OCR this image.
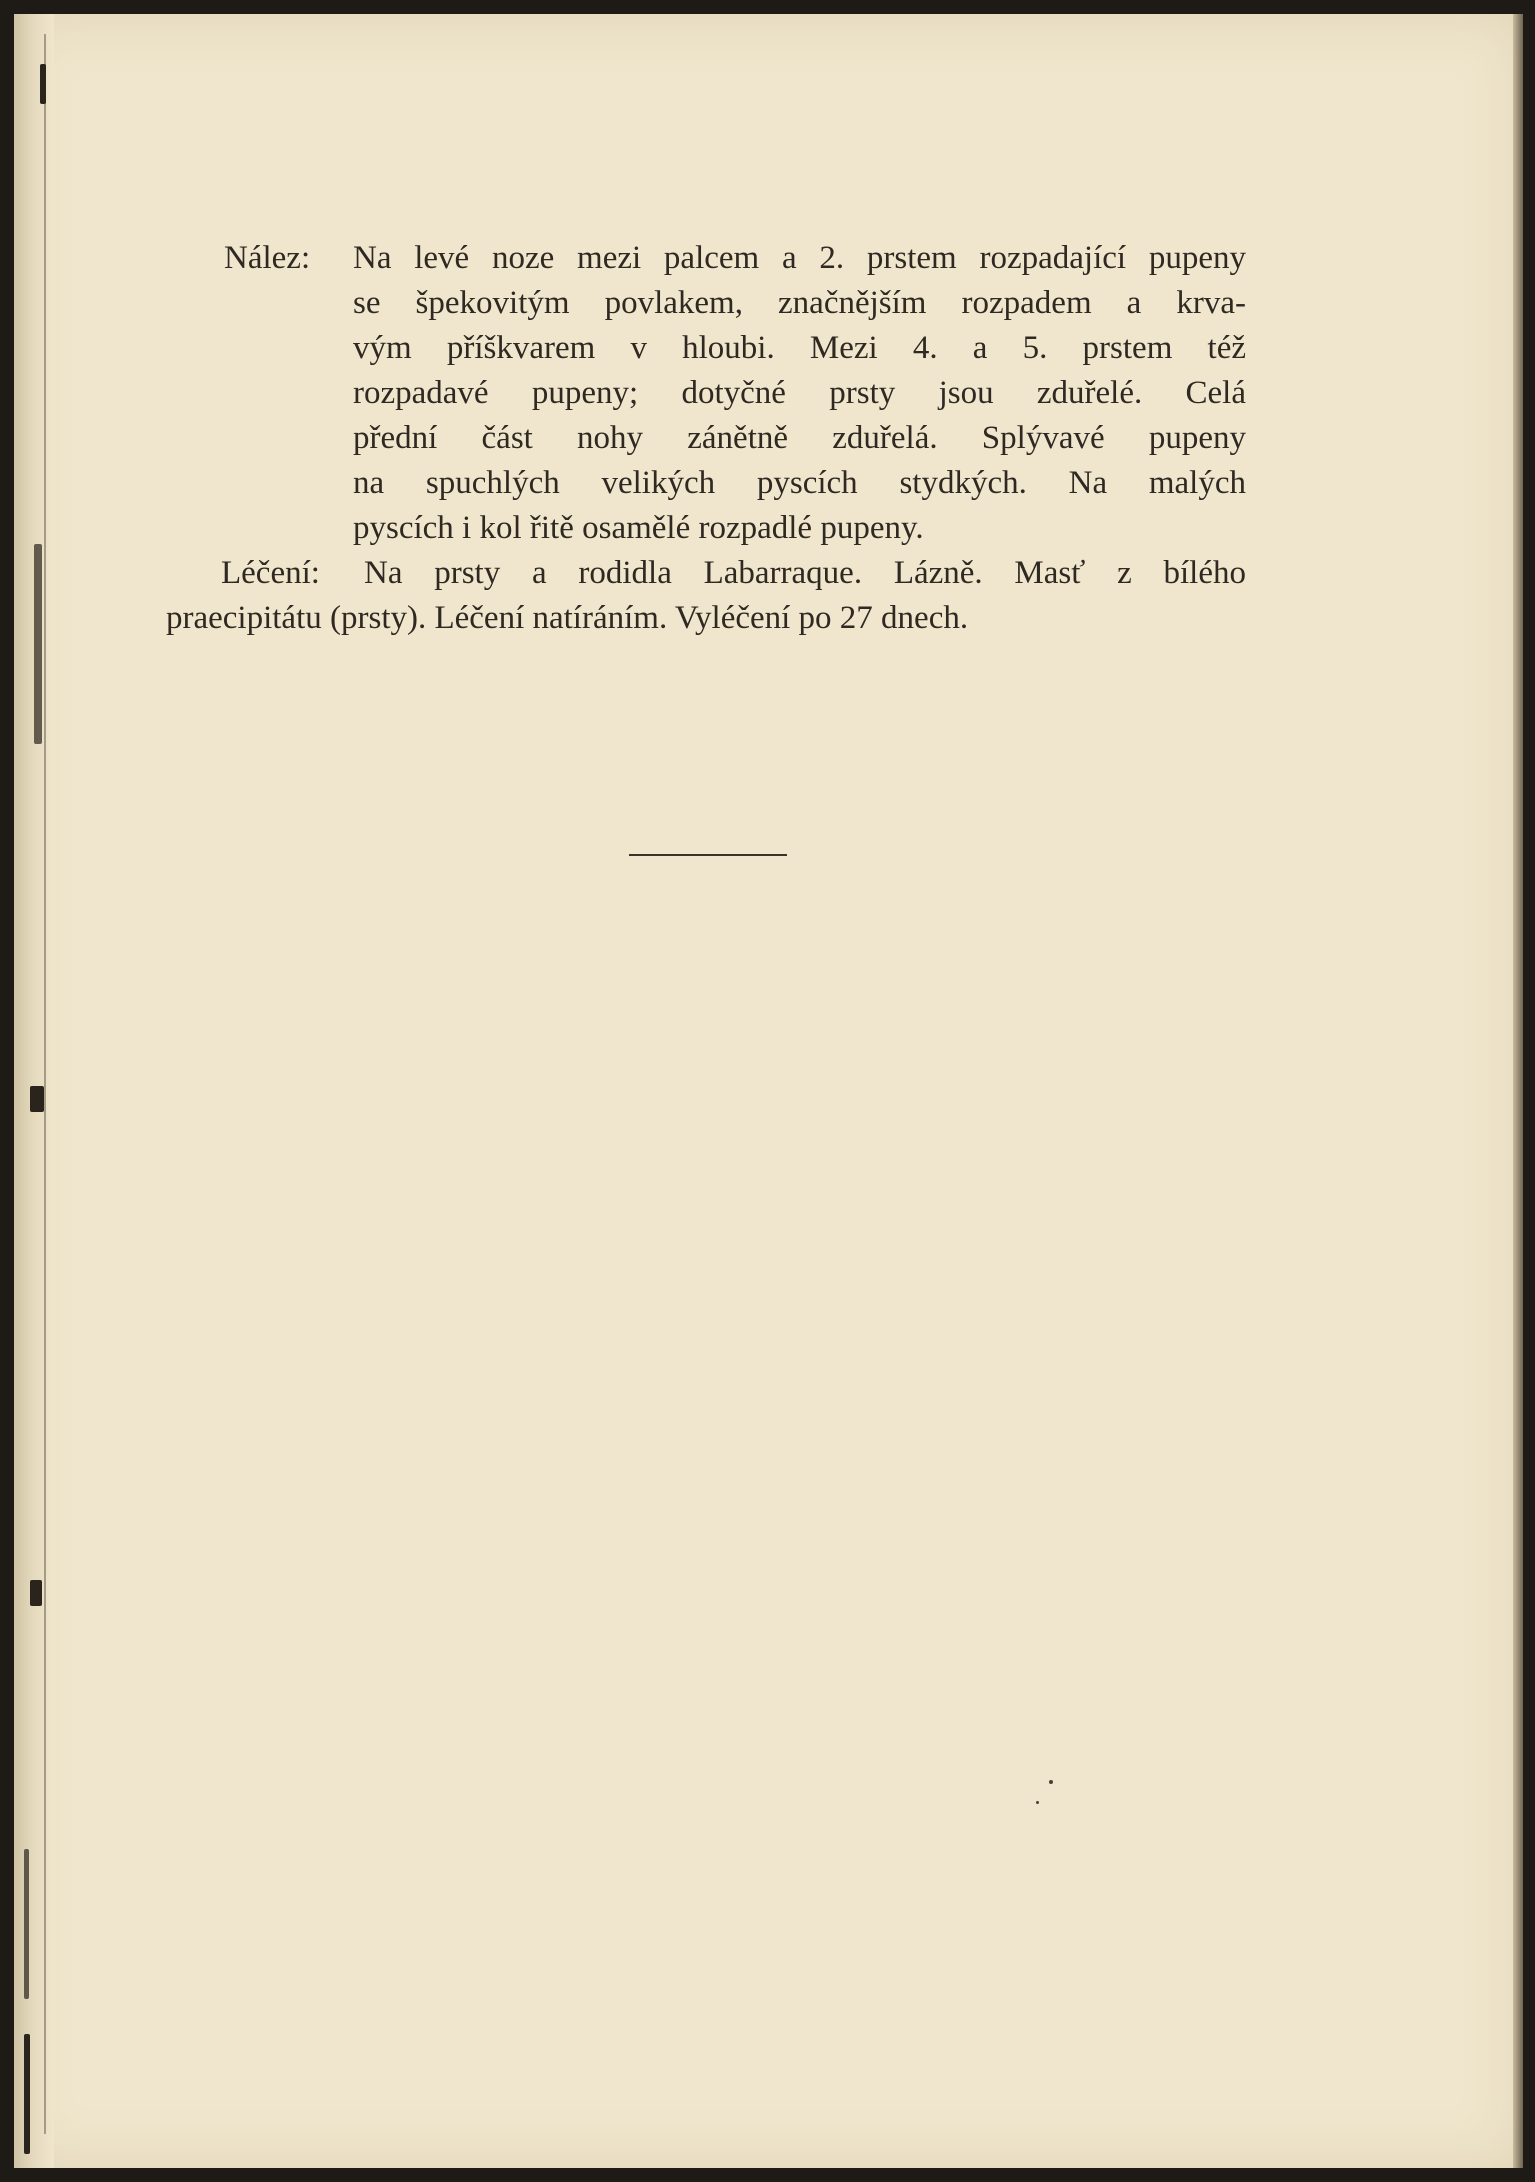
Nález: Na levé noze mezi palcem a 2. prstem rozpadající pupeny
se špekovitým povlakem, značnějším rozpadem a krva-
vým příškvarem v hloubi. Mezi 4. a 5. prstem též
rozpadavé pupeny; dotyčné prsty jsou zduřelé. Celá
přední část nohy zánětně zduřelá. Splývavé pupeny
na spuchlých velikých pyscích stydkých. Na malých
pyscích i kol řitě osamělé rozpadlé pupeny.
Léčení: Na prsty a rodidla Labarraque. Lázně. Masť z bílého
praecipitátu (prsty). Léčení natíráním. Vyléčení po 27 dnech.
